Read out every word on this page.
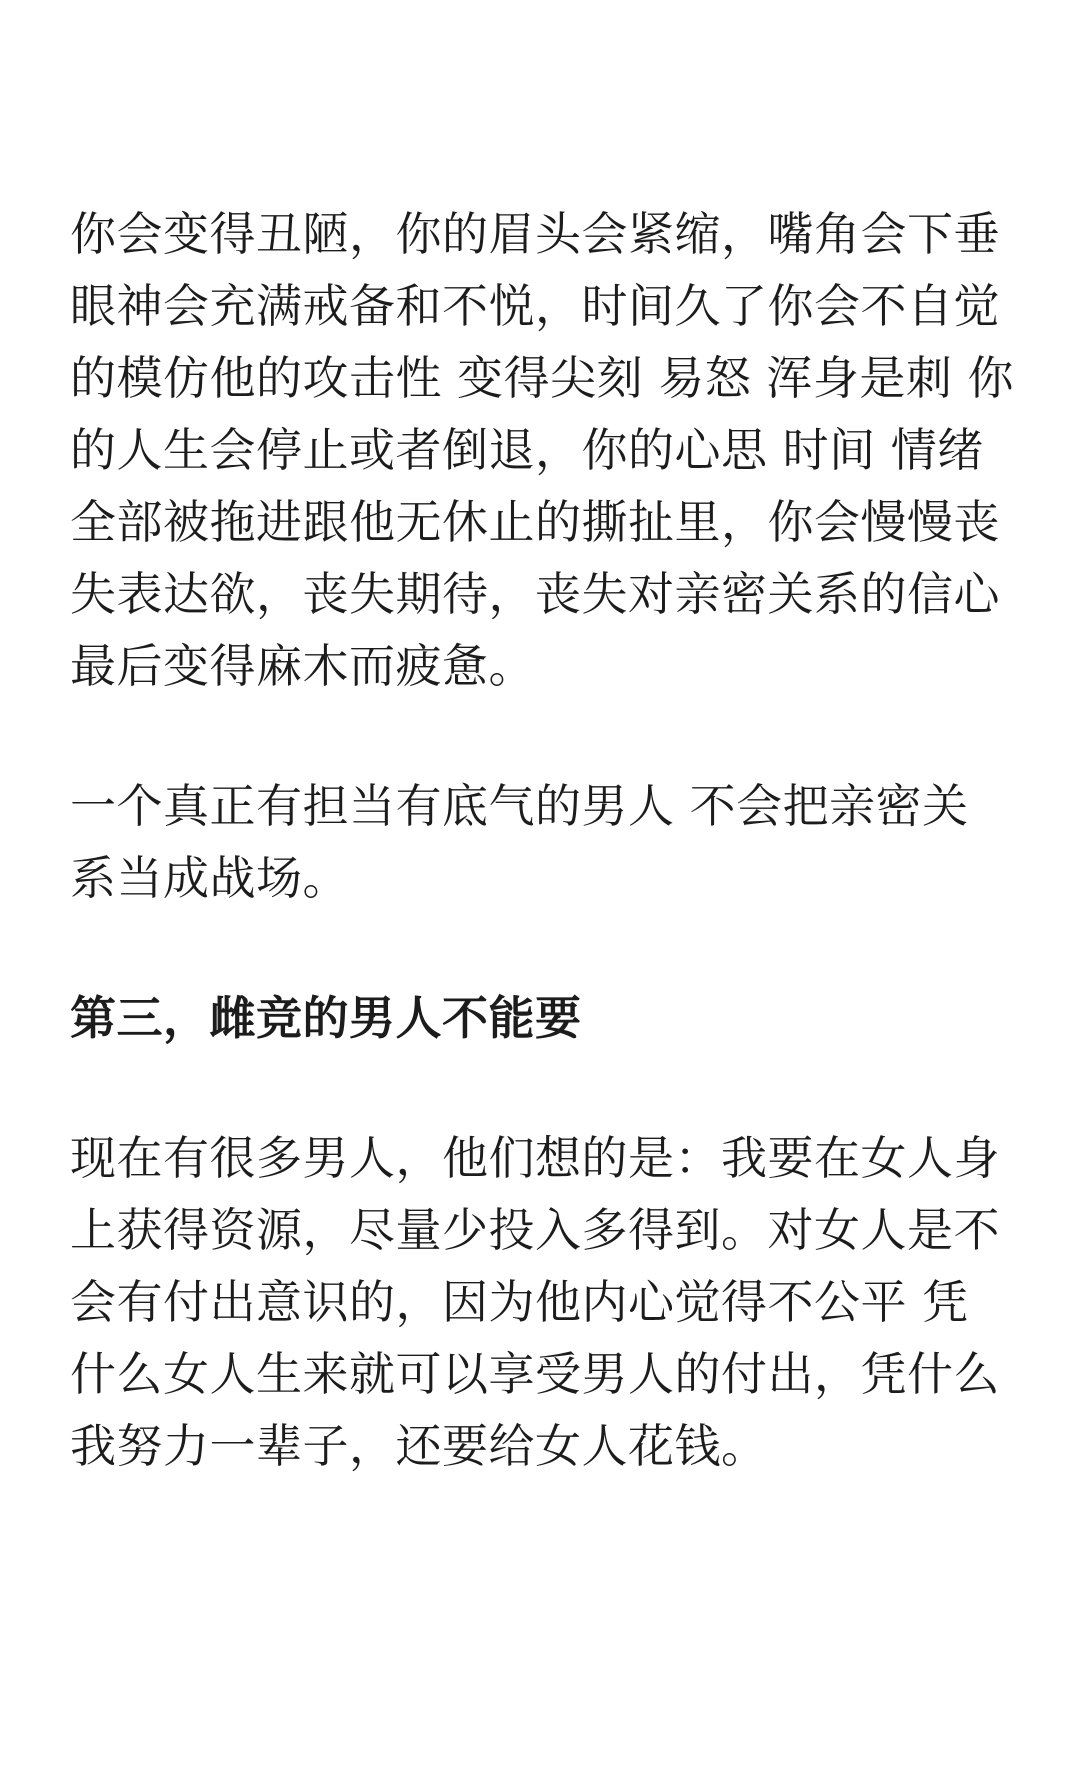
你会变得丑陋，你的眉头会紧缩，嘴角会下垂
眼神会充满戒备和不悦，时间久了你会不自觉
的模仿他的攻击性 变得尖刻 易怒 浑身是刺 你
的人生会停止或者倒退，你的心思 时间 情绪
全部被拖进跟他无休止的撕扯里，你会慢慢丧
失表达欲，丧失期待，丧失对亲密关系的信心
最后变得麻木而疲惫。
一个真正有担当有底气的男人 不会把亲密关
系当成战场。
第三，雌竞的男人不能要
现在有很多男人，他们想的是：我要在女人身
上获得资源，尽量少投入多得到。对女人是不
会有付出意识的，因为他内心觉得不公平 凭
什么女人生来就可以享受男人的付出，凭什么
我努力一辈子，还要给女人花钱。
